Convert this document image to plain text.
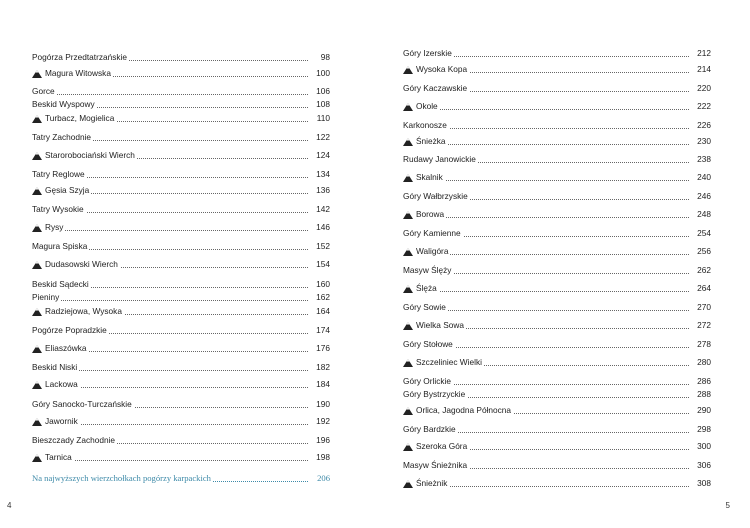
Pogórza Przedtatrzańskie	98
Magura Witowska	100
Gorce	106
Beskid Wyspowy	108
Turbacz, Mogielica	110
Tatry Zachodnie	122
Starorobociański Wierch	124
Tatry Reglowe	134
Gęsia Szyja	136
Tatry Wysokie	142
Rysy	146
Magura Spiska	152
Dudasowski Wierch	154
Beskid Sądecki	160
Pieniny	162
Radziejowa, Wysoka	164
Pogórze Popradzkie	174
Eliaszówka	176
Beskid Niski	182
Lackowa	184
Góry Sanocko-Turczańskie	190
Jawornik	192
Bieszczady Zachodnie	196
Tarnica	198
Na najwyższych wierzchołkach pogórzy karpackich	206
Góry Izerskie	212
Wysoka Kopa	214
Góry Kaczawskie	220
Okole	222
Karkonosze	226
Śnieżka	230
Rudawy Janowickie	238
Skalnik	240
Góry Wałbrzyskie	246
Borowa	248
Góry Kamienne	254
Waligóra	256
Masyw Ślęży	262
Ślęża	264
Góry Sowie	270
Wielka Sowa	272
Góry Stołowe	278
Szczeliniec Wielki	280
Góry Orlickie	286
Góry Bystrzyckie	288
Orlica, Jagodna Północna	290
Góry Bardzkie	298
Szeroka Góra	300
Masyw Śnieżnika	306
Śnieżnik	308
4	5
